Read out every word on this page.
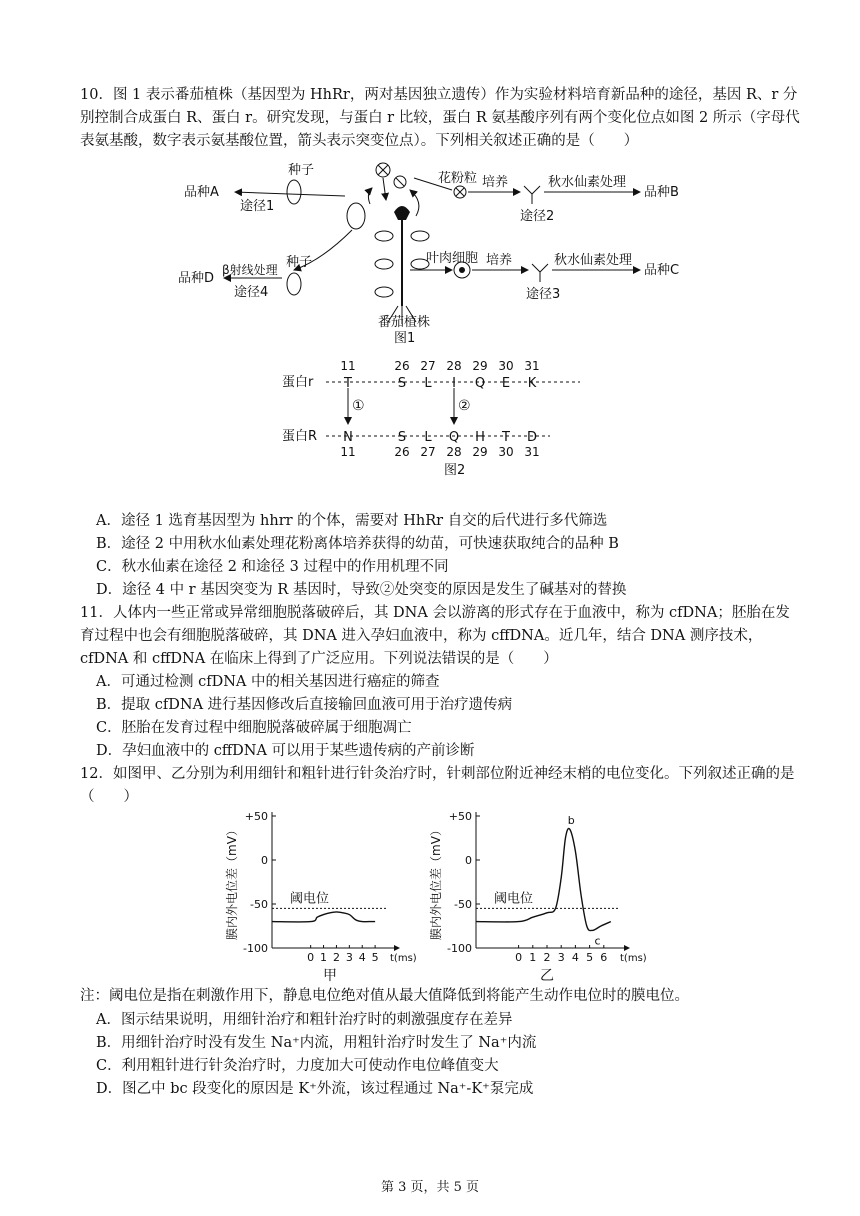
10．图 1 表示番茄植株（基因型为 HhRr，两对基因独立遗传）作为实验材料培育新品种的途径，基因 R、r 分别控制合成蛋白 R、蛋白 r。研究发现，与蛋白 r 比较，蛋白 R 氨基酸序列有两个变化位点如图 2 所示（字母代表氨基酸，数字表示氨基酸位置，箭头表示突变位点）。下列相关叙述正确的是（　　）
种子
品种A
途径1
花粉粒 培养
途径2
秋水仙素处理
品种B
种子
β射线处理
品种D
途径4
叶肉细胞 培养
途径3
秋水仙素处理
品种C
番茄植株
图1
蛋白r
蛋白R
11
T
N
11
26
S
S
26
27
L
L
27
28
I
Q
28
29
Q
H
29
30
E
T
30
31
K
D
31
①	②
图2
A．途径 1 选育基因型为 hhrr 的个体，需要对 HhRr 自交的后代进行多代筛选
B．途径 2 中用秋水仙素处理花粉离体培养获得的幼苗，可快速获取纯合的品种 B
C．秋水仙素在途径 2 和途径 3 过程中的作用机理不同
D．途径 4 中 r 基因突变为 R 基因时，导致②处突变的原因是发生了碱基对的替换
11．人体内一些正常或异常细胞脱落破碎后，其 DNA 会以游离的形式存在于血液中，称为 cfDNA；胚胎在发育过程中也会有细胞脱落破碎，其 DNA 进入孕妇血液中，称为 cffDNA。近几年，结合 DNA 测序技术，cfDNA 和 cffDNA 在临床上得到了广泛应用。下列说法错误的是（　　）
A．可通过检测 cfDNA 中的相关基因进行癌症的筛查
B．提取 cfDNA 进行基因修改后直接输回血液可用于治疗遗传病
C．胚胎在发育过程中细胞脱落破碎属于细胞凋亡
D．孕妇血液中的 cffDNA 可以用于某些遗传病的产前诊断
12．如图甲、乙分别为利用细针和粗针进行针灸治疗时，针刺部位附近神经末梢的电位变化。下列叙述正确的是（　　）
膜内外电位差（mV）
+50
0
-50
-100
0 1 2 3 4 5 t(ms)
阈电位
甲
膜内外电位差（mV）
+50
0
-50
-100
0 1 2 3 4 5 6 t(ms)
阈电位
b
c
乙
注：阈电位是指在刺激作用下，静息电位绝对值从最大值降低到将能产生动作电位时的膜电位。
A．图示结果说明，用细针治疗和粗针治疗时的刺激强度存在差异
B．用细针治疗时没有发生 Na⁺内流，用粗针治疗时发生了 Na⁺内流
C．利用粗针进行针灸治疗时，力度加大可使动作电位峰值变大
D．图乙中 bc 段变化的原因是 K⁺外流，该过程通过 Na⁺-K⁺泵完成
第 3 页，共 5 页
